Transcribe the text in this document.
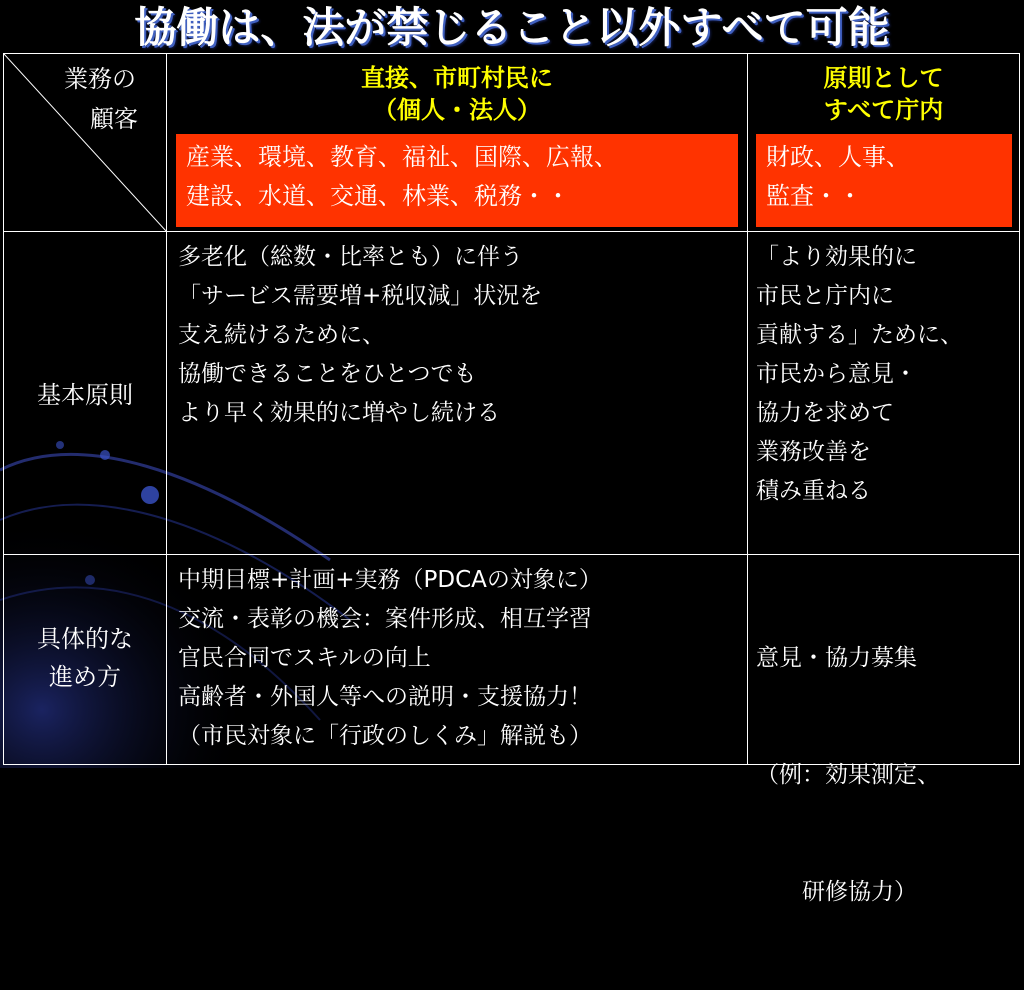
協働は、法が禁じること以外すべて可能
業務の
顧客
直接、市町村民に
（個人・法人）
産業、環境、教育、福祉、国際、広報、
建設、水道、交通、林業、税務・・
原則として
すべて庁内
財政、人事、
監査・・
基本原則
多老化（総数・比率とも）に伴う
「サービス需要増+税収減」状況を
支え続けるために、
協働できることをひとつでも
より早く効果的に増やし続ける
「より効果的に
市民と庁内に
貢献する」ために、
市民から意見・
協力を求めて
業務改善を
積み重ねる
具体的な
進め方
中期目標+計画+実務（PDCAの対象に）
交流・表彰の機会：案件形成、相互学習
官民合同でスキルの向上
高齢者・外国人等への説明・支援協力！
（市民対象に「行政のしくみ」解説も）

意見・協力募集

（例：効果測定、

　　研修協力）
